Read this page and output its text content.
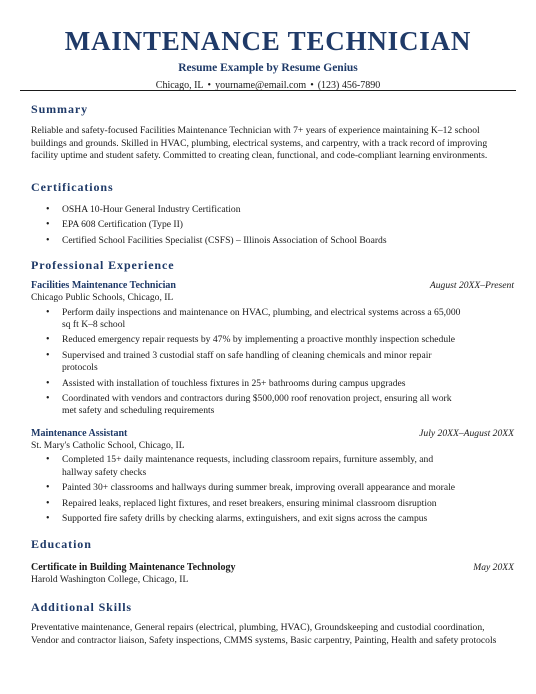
MAINTENANCE TECHNICIAN
Resume Example by Resume Genius
Chicago, IL • yourname@email.com • (123) 456-7890
Summary

Reliable and safety-focused Facilities Maintenance Technician with 7+ years of experience maintaining K–12 school buildings and grounds. Skilled in HVAC, plumbing, electrical systems, and carpentry, with a track record of improving facility uptime and student safety. Committed to creating clean, functional, and code-compliant learning environments.

Certifications
• OSHA 10-Hour General Industry Certification
• EPA 608 Certification (Type II)
• Certified School Facilities Specialist (CSFS) – Illinois Association of School Boards
Professional Experience
Facilities Maintenance Technician	August 20XX–Present
Chicago Public Schools, Chicago, IL
• Perform daily inspections and maintenance on HVAC, plumbing, and electrical systems across a 65,000 sq ft K–8 school
• Reduced emergency repair requests by 47% by implementing a proactive monthly inspection schedule
• Supervised and trained 3 custodial staff on safe handling of cleaning chemicals and minor repair protocols
• Assisted with installation of touchless fixtures in 25+ bathrooms during campus upgrades
• Coordinated with vendors and contractors during $500,000 roof renovation project, ensuring all work met safety and scheduling requirements
Maintenance Assistant	July 20XX–August 20XX
St. Mary's Catholic School, Chicago, IL
• Completed 15+ daily maintenance requests, including classroom repairs, furniture assembly, and hallway safety checks
• Painted 30+ classrooms and hallways during summer break, improving overall appearance and morale
• Repaired leaks, replaced light fixtures, and reset breakers, ensuring minimal classroom disruption
• Supported fire safety drills by checking alarms, extinguishers, and exit signs across the campus
Education
Certificate in Building Maintenance Technology	May 20XX
Harold Washington College, Chicago, IL
Additional Skills

Preventative maintenance, General repairs (electrical, plumbing, HVAC), Groundskeeping and custodial coordination, Vendor and contractor liaison, Safety inspections, CMMS systems, Basic carpentry, Painting, Health and safety protocols
